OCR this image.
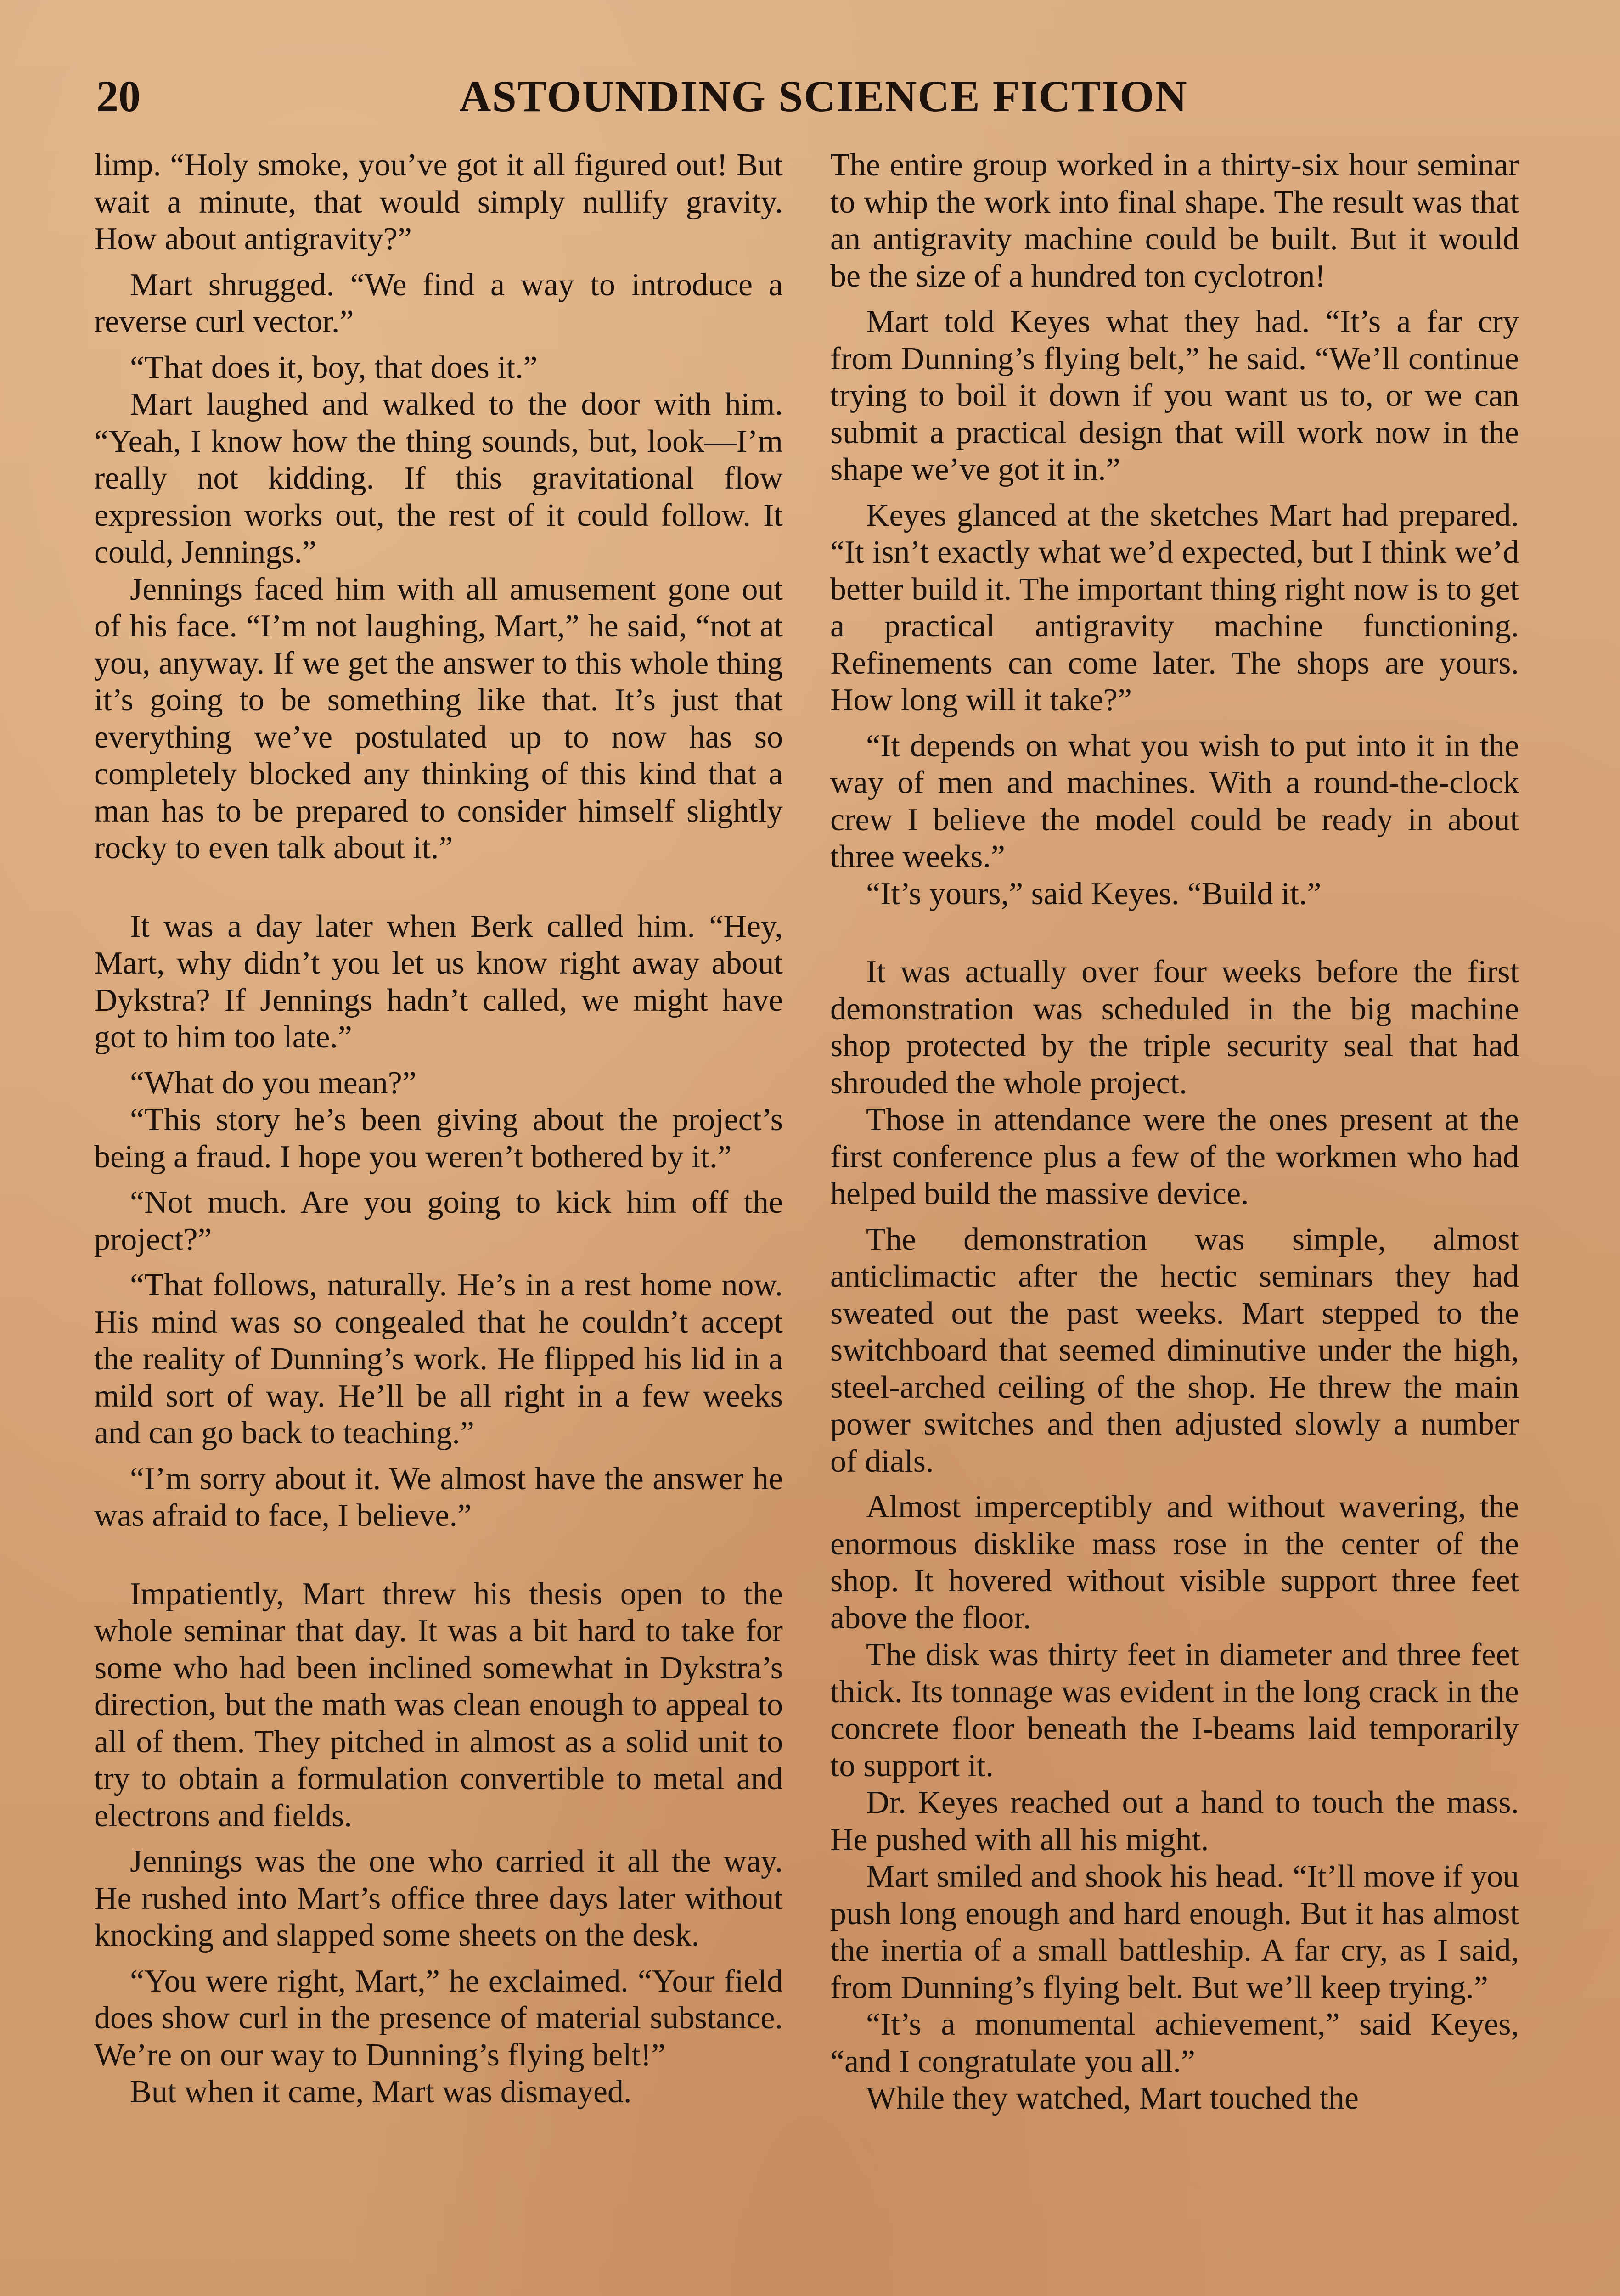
20	ASTOUNDING SCIENCE FICTION

limp. “Holy smoke, you’ve got it all figured out! But wait a minute, that would simply nullify gravity. How about antigravity?”

Mart shrugged. “We find a way to introduce a reverse curl vector.”

“That does it, boy, that does it.”

Mart laughed and walked to the door with him. “Yeah, I know how the thing sounds, but, look—I’m really not kidding. If this gravitational flow expression works out, the rest of it could follow. It could, Jennings.”

Jennings faced him with all amusement gone out of his face. “I’m not laughing, Mart,” he said, “not at you, anyway. If we get the answer to this whole thing it’s going to be something like that. It’s just that everything we’ve postulated up to now has so completely blocked any thinking of this kind that a man has to be prepared to consider himself slightly rocky to even talk about it.”

It was a day later when Berk called him. “Hey, Mart, why didn’t you let us know right away about Dykstra? If Jennings hadn’t called, we might have got to him too late.”

“What do you mean?”

“This story he’s been giving about the project’s being a fraud. I hope you weren’t bothered by it.”

“Not much. Are you going to kick him off the project?”

“That follows, naturally. He’s in a rest home now. His mind was so congealed that he couldn’t accept the reality of Dunning’s work. He flipped his lid in a mild sort of way. He’ll be all right in a few weeks and can go back to teaching.”

“I’m sorry about it. We almost have the answer he was afraid to face, I believe.”

Impatiently, Mart threw his thesis open to the whole seminar that day. It was a bit hard to take for some who had been inclined somewhat in Dykstra’s direction, but the math was clean enough to appeal to all of them. They pitched in almost as a solid unit to try to obtain a formulation convertible to metal and electrons and fields.

Jennings was the one who carried it all the way. He rushed into Mart’s office three days later without knocking and slapped some sheets on the desk.

“You were right, Mart,” he exclaimed. “Your field does show curl in the presence of material substance. We’re on our way to Dunning’s flying belt!”

But when it came, Mart was dismayed.

The entire group worked in a thirty-six hour seminar to whip the work into final shape. The result was that an antigravity machine could be built. But it would be the size of a hundred ton cyclotron!

Mart told Keyes what they had. “It’s a far cry from Dunning’s flying belt,” he said. “We’ll continue trying to boil it down if you want us to, or we can submit a practical design that will work now in the shape we’ve got it in.”

Keyes glanced at the sketches Mart had prepared. “It isn’t exactly what we’d expected, but I think we’d better build it. The important thing right now is to get a practical antigravity machine functioning. Refinements can come later. The shops are yours. How long will it take?”

“It depends on what you wish to put into it in the way of men and machines. With a round-the-clock crew I believe the model could be ready in about three weeks.”

“It’s yours,” said Keyes. “Build it.”

It was actually over four weeks before the first demonstration was scheduled in the big machine shop protected by the triple security seal that had shrouded the whole project.

Those in attendance were the ones present at the first conference plus a few of the workmen who had helped build the massive device.

The demonstration was simple, almost anticlimactic after the hectic seminars they had sweated out the past weeks. Mart stepped to the switchboard that seemed diminutive under the high, steel-arched ceiling of the shop. He threw the main power switches and then adjusted slowly a number of dials.

Almost imperceptibly and without wavering, the enormous disklike mass rose in the center of the shop. It hovered without visible support three feet above the floor.

The disk was thirty feet in diameter and three feet thick. Its tonnage was evident in the long crack in the concrete floor beneath the I-beams laid temporarily to support it.

Dr. Keyes reached out a hand to touch the mass. He pushed with all his might.

Mart smiled and shook his head. “It’ll move if you push long enough and hard enough. But it has almost the inertia of a small battleship. A far cry, as I said, from Dunning’s flying belt. But we’ll keep trying.”

“It’s a monumental achievement,” said Keyes, “and I congratulate you all.”

While they watched, Mart touched the
